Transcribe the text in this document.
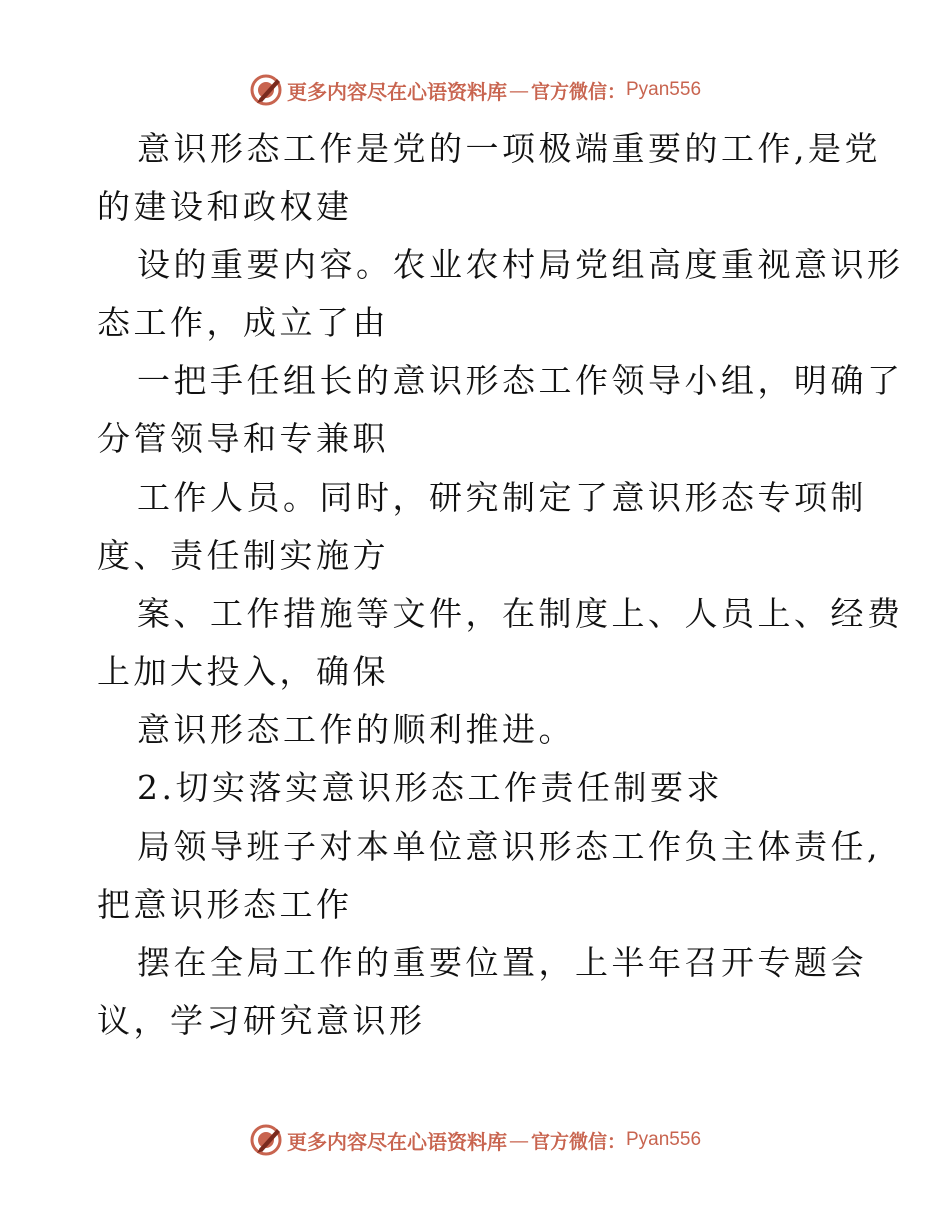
更多内容尽在心语资料库 — 官方微信： Pyan556
意识形态工作是党的一项极端重要的工作,是党
的建设和政权建
设的重要内容。农业农村局党组高度重视意识形
态工作，成立了由
一把手任组长的意识形态工作领导小组，明确了
分管领导和专兼职
工作人员。同时，研究制定了意识形态专项制
度、责任制实施方
案、工作措施等文件，在制度上、人员上、经费
上加大投入，确保
意识形态工作的顺利推进。
2.切实落实意识形态工作责任制要求
局领导班子对本单位意识形态工作负主体责任,
把意识形态工作
摆在全局工作的重要位置，上半年召开专题会
议，学习研究意识形
更多内容尽在心语资料库 — 官方微信： Pyan556
